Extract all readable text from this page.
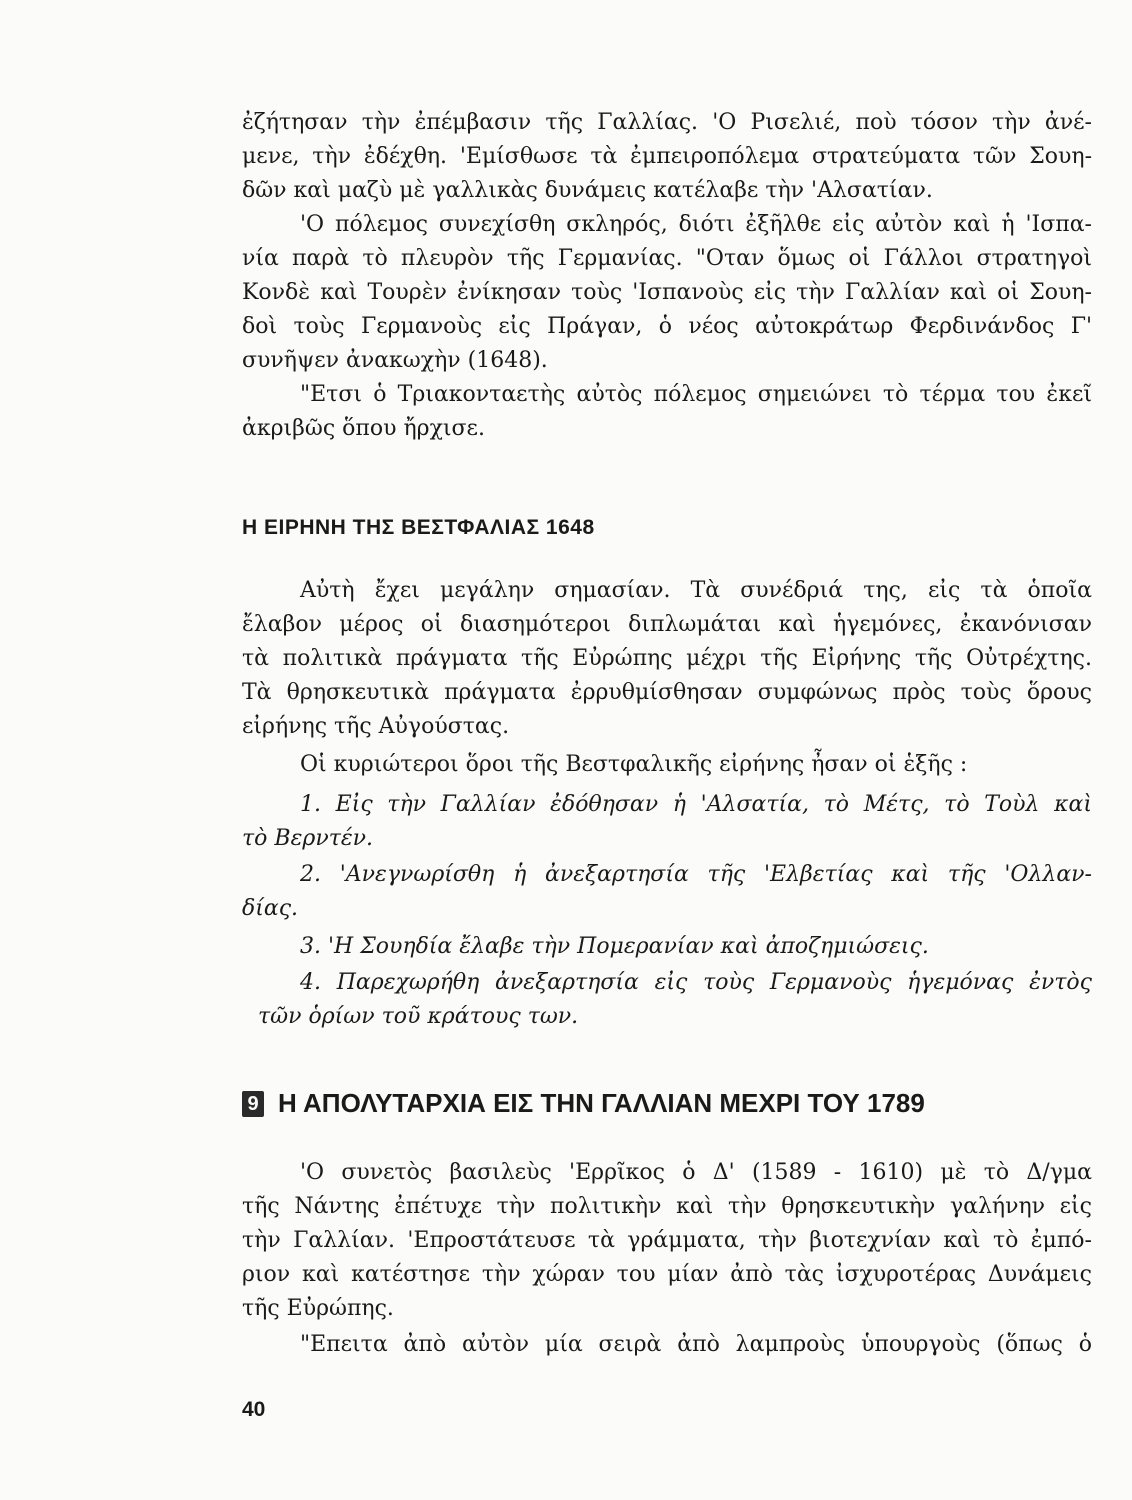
ἐζήτησαν τὴν ἐπέμβασιν τῆς Γαλλίας. 'Ο Ρισελιέ, ποὺ τόσον τὴν ἀνέ-
μενε, τὴν ἐδέχθη. 'Εμίσθωσε τὰ ἐμπειροπόλεμα στρατεύματα τῶν Σουη-
δῶν καὶ μαζὺ μὲ γαλλικὰς δυνάμεις κατέλαβε τὴν 'Αλσατίαν.
'Ο πόλεμος συνεχίσθη σκληρός, διότι ἐξῆλθε εἰς αὐτὸν καὶ ἡ 'Ισπα-
νία παρὰ τὸ πλευρὸν τῆς Γερμανίας. "Οταν ὅμως οἱ Γάλλοι στρατηγοὶ
Κονδὲ καὶ Τουρὲν ἐνίκησαν τοὺς 'Ισπανοὺς εἰς τὴν Γαλλίαν καὶ οἱ Σουη-
δοὶ τοὺς Γερμανοὺς εἰς Πράγαν, ὁ νέος αὐτοκράτωρ Φερδινάνδος Γ'
συνῆψεν ἀνακωχὴν (1648).
"Ετσι ὁ Τριακονταετὴς αὐτὸς πόλεμος σημειώνει τὸ τέρμα του ἐκεῖ
ἀκριβῶς ὅπου ἤρχισε.
Η ΕΙΡΗΝΗ ΤΗΣ ΒΕΣΤΦΑΛΙΑΣ 1648
Αὐτὴ ἔχει μεγάλην σημασίαν. Τὰ συνέδριά της, εἰς τὰ ὁποῖα
ἔλαβον μέρος οἱ διασημότεροι διπλωμάται καὶ ἡγεμόνες, ἐκανόνισαν
τὰ πολιτικὰ πράγματα τῆς Εὐρώπης μέχρι τῆς Εἰρήνης τῆς Οὐτρέχτης.
Τὰ θρησκευτικὰ πράγματα ἐρρυθμίσθησαν συμφώνως πρὸς τοὺς ὅρους
εἰρήνης τῆς Αὐγούστας.
Οἱ κυριώτεροι ὅροι τῆς Βεστφαλικῆς εἰρήνης ἦσαν οἱ ἑξῆς :
1. Εἰς τὴν Γαλλίαν ἐδόθησαν ἡ 'Αλσατία, τὸ Μέτς, τὸ Τοὺλ καὶ
τὸ Βερντέν.
2. 'Ανεγνωρίσθη ἡ ἀνεξαρτησία τῆς 'Ελβετίας καὶ τῆς 'Ολλαν-
δίας.
3. 'Η Σουηδία ἔλαβε τὴν Πομερανίαν καὶ ἀποζημιώσεις.
4. Παρεχωρήθη ἀνεξαρτησία εἰς τοὺς Γερμανοὺς ἡγεμόνας ἐντὸς
τῶν ὁρίων τοῦ κράτους των.
9 Η ΑΠΟΛΥΤΑΡΧΙΑ ΕΙΣ ΤΗΝ ΓΑΛΛΙΑΝ ΜΕΧΡΙ ΤΟΥ 1789
'Ο συνετὸς βασιλεὺς 'Ερρῖκος ὁ Δ' (1589 - 1610) μὲ τὸ Δ/γμα
τῆς Νάντης ἐπέτυχε τὴν πολιτικὴν καὶ τὴν θρησκευτικὴν γαλήνην εἰς
τὴν Γαλλίαν. 'Επροστάτευσε τὰ γράμματα, τὴν βιοτεχνίαν καὶ τὸ ἐμπό-
ριον καὶ κατέστησε τὴν χώραν του μίαν ἀπὸ τὰς ἰσχυροτέρας Δυνάμεις
τῆς Εὐρώπης.
"Επειτα ἀπὸ αὐτὸν μία σειρὰ ἀπὸ λαμπροὺς ὑπουργοὺς (ὅπως ὁ
40
